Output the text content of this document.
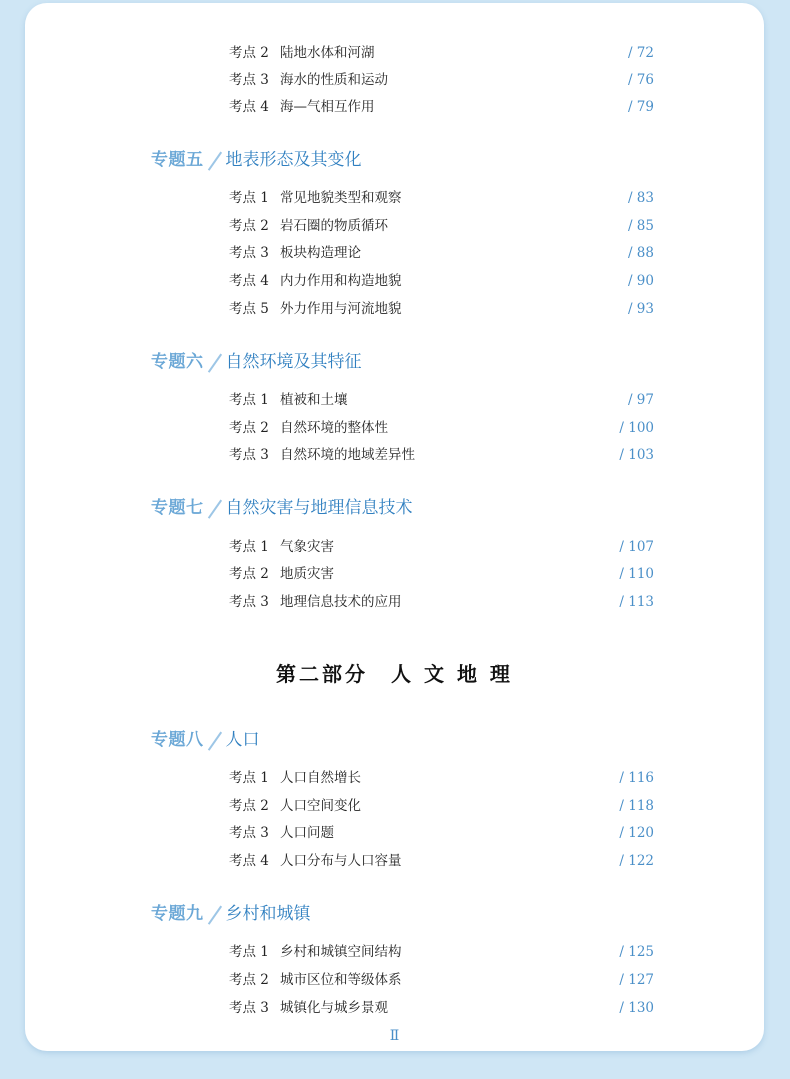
考点 2 陆地水体和河湖	/ 72
考点 3 海水的性质和运动	/ 76
考点 4 海—气相互作用	/ 79
专题五 地表形态及其变化
考点 1 常见地貌类型和观察	/ 83
考点 2 岩石圈的物质循环	/ 85
考点 3 板块构造理论	/ 88
考点 4 内力作用和构造地貌	/ 90
考点 5 外力作用与河流地貌	/ 93
专题六 自然环境及其特征
考点 1 植被和土壤	/ 97
考点 2 自然环境的整体性	/ 100
考点 3 自然环境的地域差异性	/ 103
专题七 自然灾害与地理信息技术
考点 1 气象灾害	/ 107
考点 2 地质灾害	/ 110
考点 3 地理信息技术的应用	/ 113
第二部分　人 文 地 理
专题八 人口
考点 1 人口自然增长	/ 116
考点 2 人口空间变化	/ 118
考点 3 人口问题	/ 120
考点 4 人口分布与人口容量	/ 122
专题九 乡村和城镇
考点 1 乡村和城镇空间结构	/ 125
考点 2 城市区位和等级体系	/ 127
考点 3 城镇化与城乡景观	/ 130
Ⅱ
